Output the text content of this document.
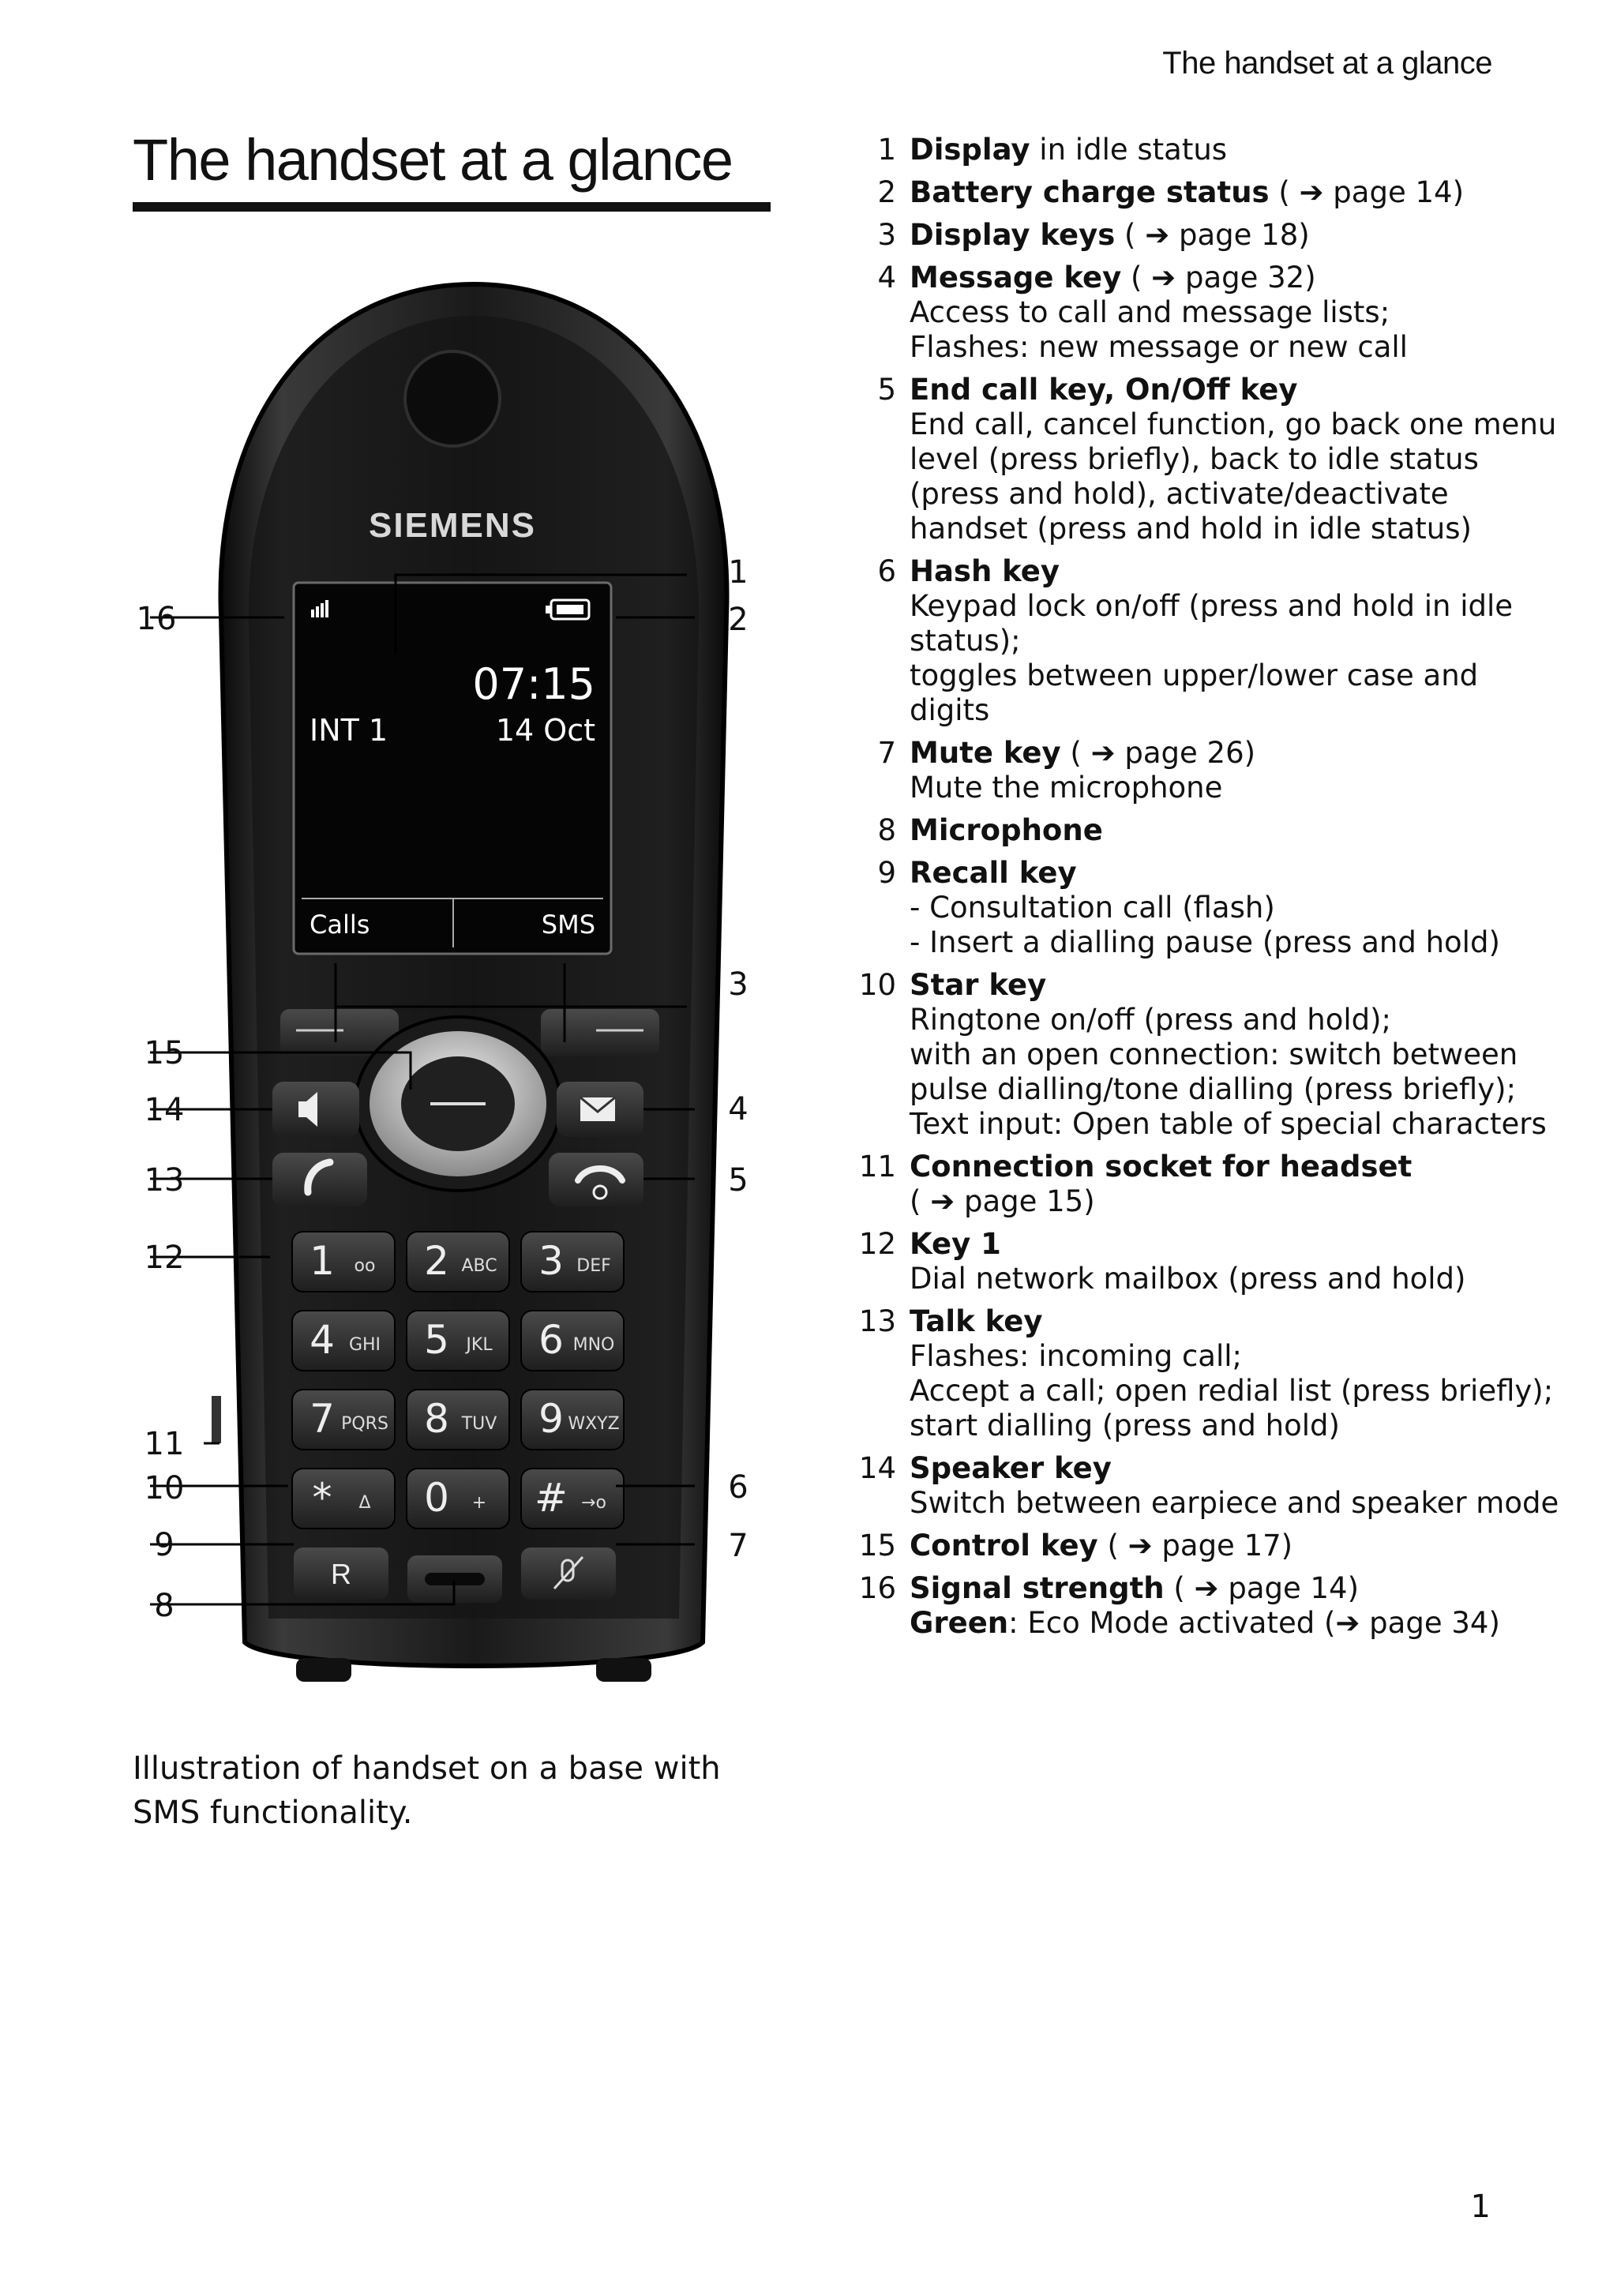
The handset at a glance
The handset at a glance
SIEMENS
07:15
INT 1	14 Oct
Calls	SMS
1 oo 2 ABC 3 DEF
4 GHI 5 JKL 6 MNO
7 PQRS 8 TUV 9 WXYZ
* Δ 0 + # →o
R
1
2
3
4
5
6
7
8
9
10
11
12
13
14
15
16
Illustration of handset on a base with SMS functionality.
1 Display in idle status
2 Battery charge status ( ➔ page 14 )
3 Display keys ( ➔ page 18 )
4 Message key ( ➔ page 32 )
Access to call and message lists;
Flashes: new message or new call
5 End call key, On/Off key
End call, cancel function, go back one menu level (press briefly), back to idle status (press and hold), activate/deactivate handset (press and hold in idle status)
6 Hash key
Keypad lock on/off (press and hold in idle status);
toggles between upper/lower case and digits
7 Mute key ( ➔ page 26 )
Mute the microphone
8 Microphone
9 Recall key
- Consultation call (flash)
- Insert a dialling pause (press and hold)
10 Star key
Ringtone on/off (press and hold);
with an open connection: switch between pulse dialling/tone dialling (press briefly);
Text input: Open table of special characters
11 Connection socket for headset
( ➔ page 15 )
12 Key 1
Dial network mailbox (press and hold)
13 Talk key
Flashes: incoming call;
Accept a call; open redial list (press briefly);
start dialling (press and hold)
14 Speaker key
Switch between earpiece and speaker mode
15 Control key ( ➔ page 17 )
16 Signal strength ( ➔ page 14 )
Green: Eco Mode activated (➔ page 34)
1
